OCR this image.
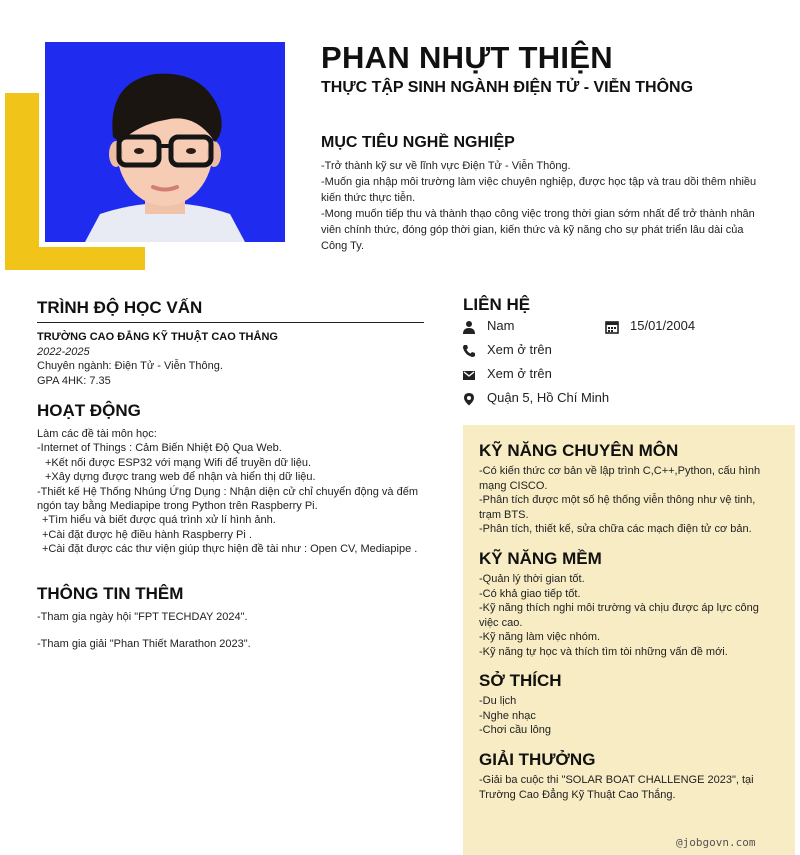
PHAN NHỰT THIỆN
THỰC TẬP SINH NGÀNH ĐIỆN TỬ - VIỄN THÔNG
MỤC TIÊU NGHỀ NGHIỆP
-Trở thành kỹ sư về lĩnh vực Điện Tử - Viễn Thông.
-Muốn gia nhập môi trường làm việc chuyên nghiệp, được học tập và trau dồi thêm nhiều kiến thức thực tiễn.
-Mong muốn tiếp thu và thành thạo công việc trong thời gian sớm nhất để trở thành nhân viên chính thức, đóng góp thời gian, kiến thức và kỹ năng cho sự phát triển lâu dài của Công Ty.
TRÌNH ĐỘ HỌC VẤN
TRƯỜNG CAO ĐẲNG KỸ THUẬT CAO THẮNG
2022-2025
Chuyên ngành: Điện Tử - Viễn Thông.
GPA 4HK: 7.35
HOẠT ĐỘNG
Làm các đề tài môn học:
-Internet of Things : Cảm Biến Nhiệt Độ Qua Web.
+Kết nối được ESP32 với mạng Wifi để truyền dữ liệu.
+Xây dựng được trang web để nhận và hiển thị dữ liệu.
-Thiết kế Hệ Thống Nhúng Ứng Dụng : Nhận diện cử chỉ chuyển động và đếm ngón tay bằng Mediapipe trong Python trên Raspberry Pi.
+Tìm hiểu và biết được quá trình xử lí hình ảnh.
+Cài đặt được hệ điều hành Raspberry Pi .
+Cài đặt được các thư viện giúp thực hiện đề tài như : Open CV, Mediapipe .
THÔNG TIN THÊM
-Tham gia ngày hội "FPT TECHDAY 2024".
-Tham gia giải "Phan Thiết Marathon 2023".
LIÊN HỆ
Nam	15/01/2004
Xem ở trên
Xem ở trên
Quận 5, Hồ Chí Minh
KỸ NĂNG CHUYÊN MÔN
-Có kiến thức cơ bản về lập trình C,C++,Python, cấu hình mạng CISCO.
-Phân tích được một số hệ thống viễn thông như vệ tinh, trạm BTS.
-Phân tích, thiết kế, sửa chữa các mạch điện tử cơ bản.
KỸ NĂNG MỀM
-Quản lý thời gian tốt.
-Có khả giao tiếp tốt.
-Kỹ năng thích nghi môi trường và chịu được áp lực công việc cao.
-Kỹ năng làm việc nhóm.
-Kỹ năng tự học và thích tìm tòi những vấn đề mới.
SỞ THÍCH
-Du lịch
-Nghe nhạc
-Chơi cầu lông
GIẢI THƯỞNG
-Giải ba cuộc thi "SOLAR BOAT CHALLENGE 2023", tại Trường Cao Đẳng Kỹ Thuật Cao Thắng.
@jobgovn.com
